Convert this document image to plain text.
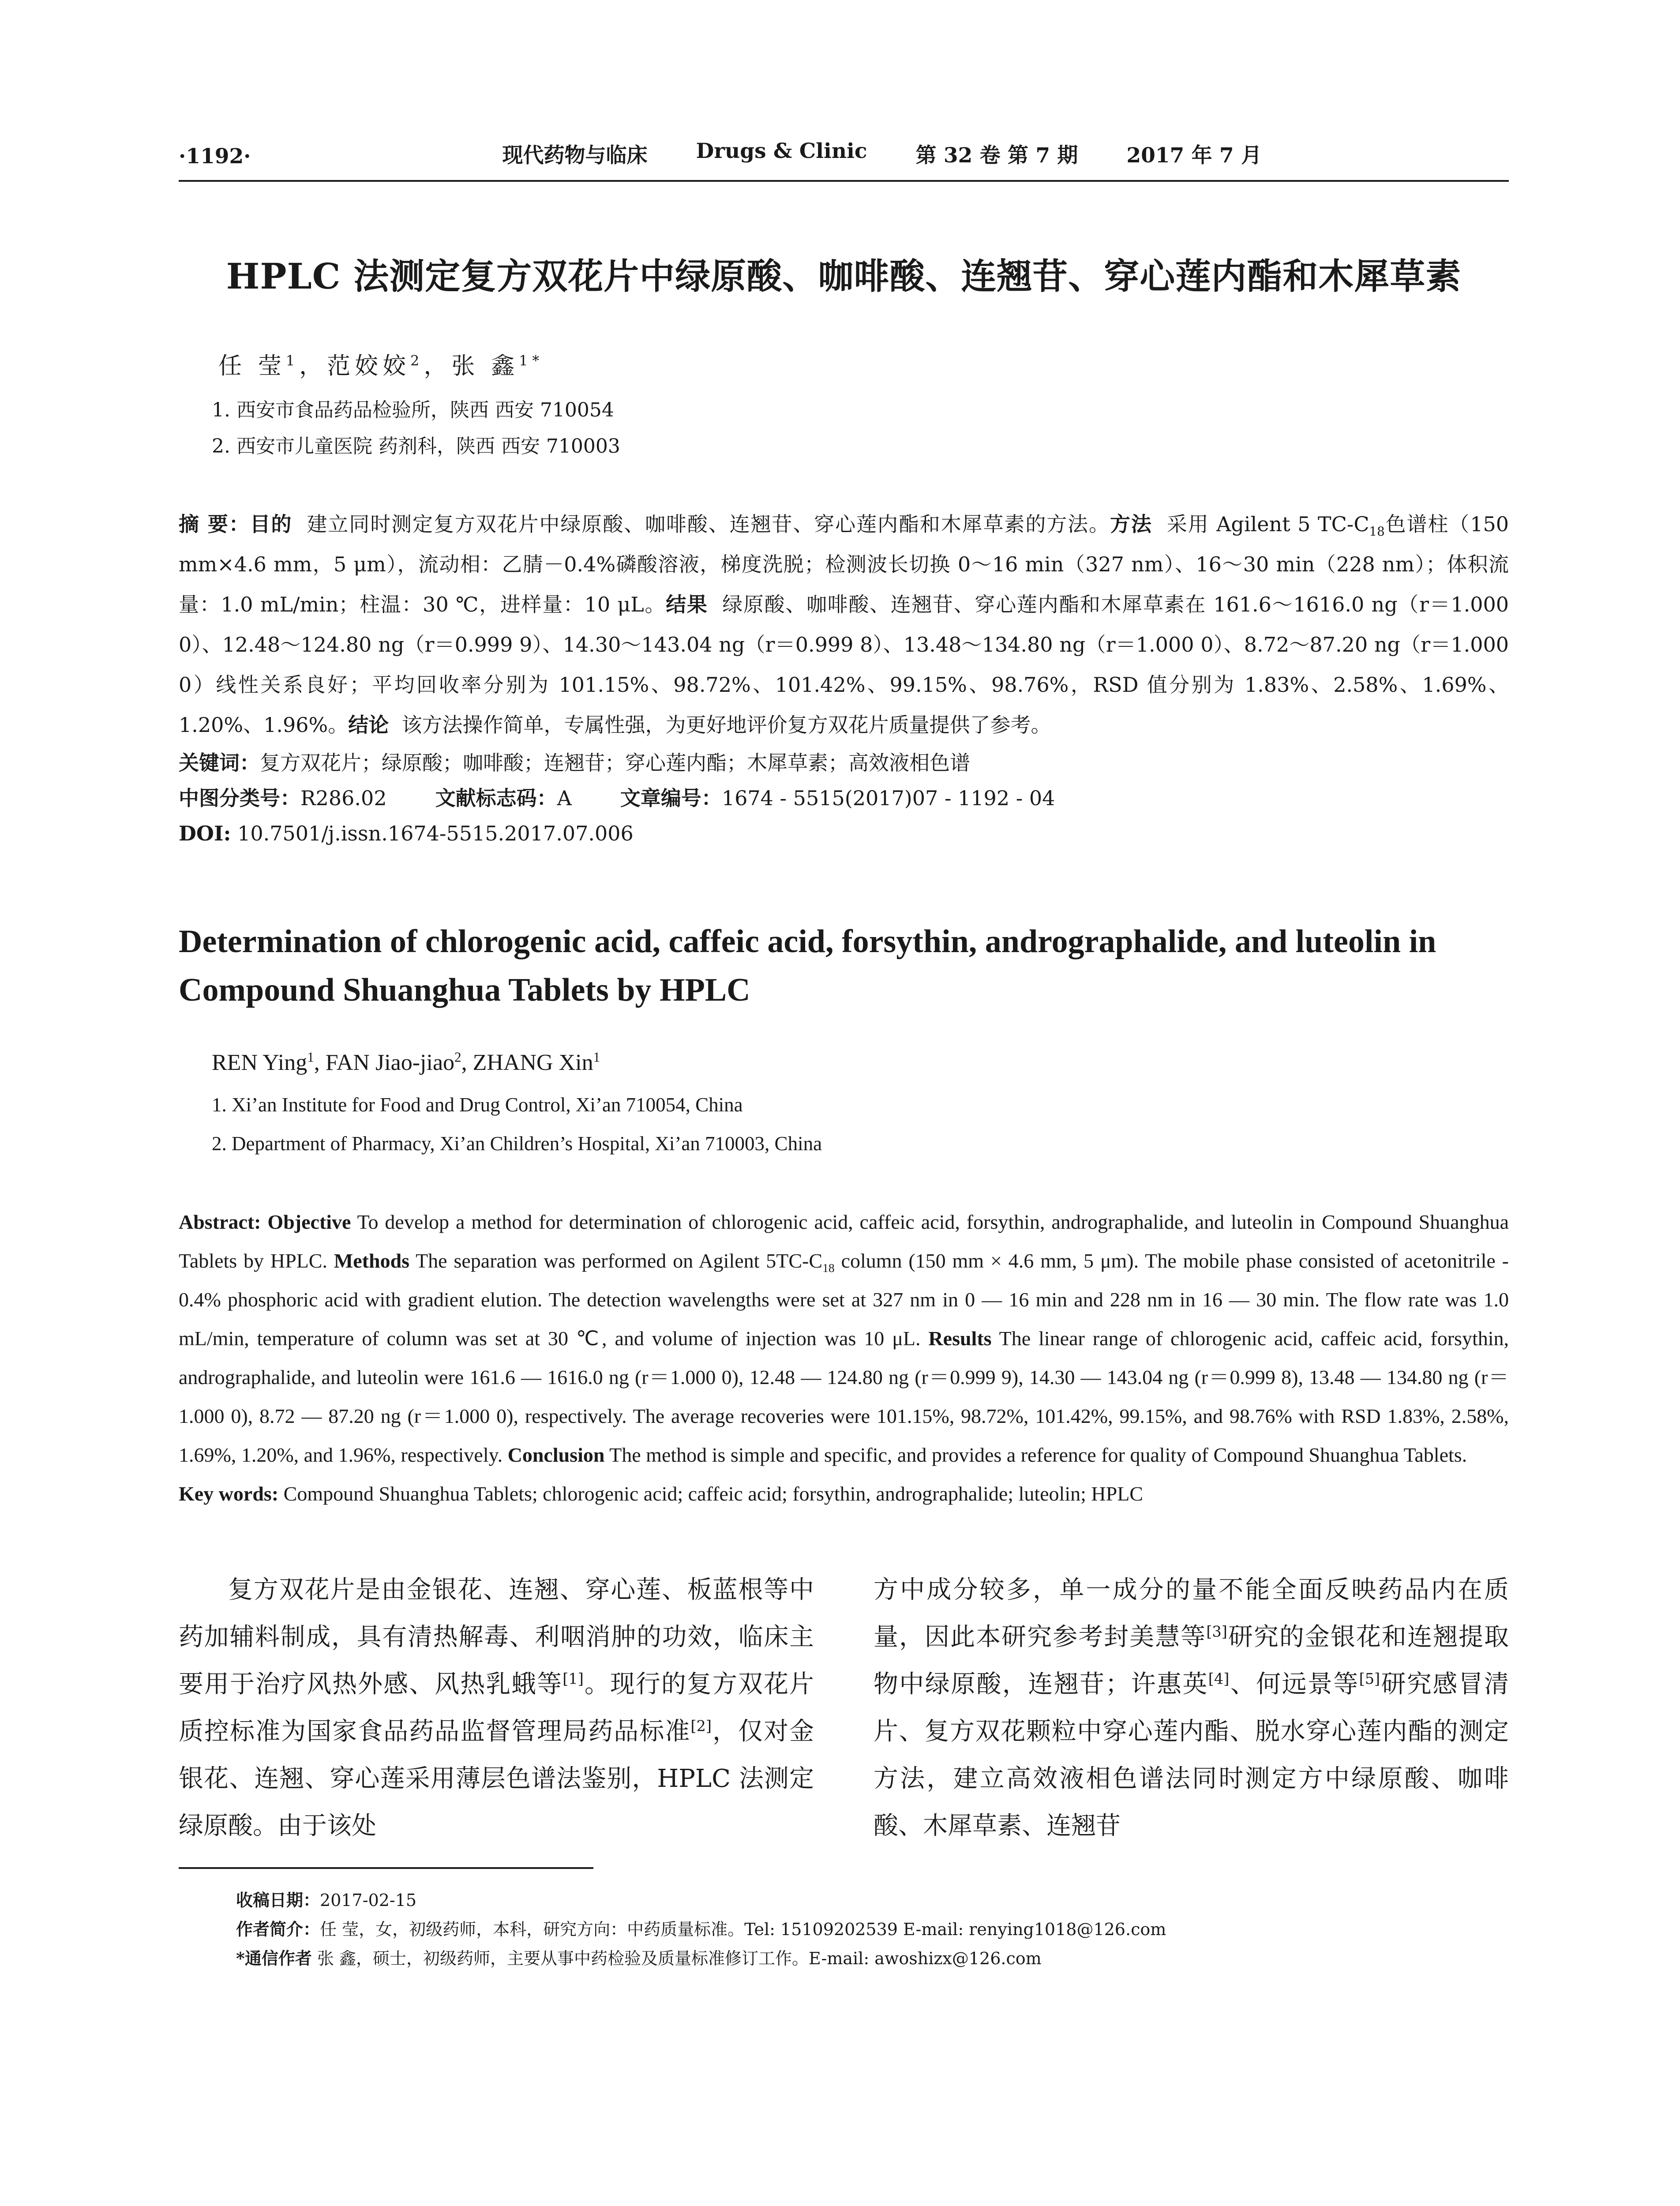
·1192·	现代药物与临床 Drugs & Clinic 第 32 卷 第 7 期 2017 年 7 月
HPLC 法测定复方双花片中绿原酸、咖啡酸、连翘苷、穿心莲内酯和木犀草素
任 莹$^1$，范姣姣$^2$，张 鑫$^{1*}$
1. 西安市食品药品检验所，陕西 西安 710054
2. 西安市儿童医院 药剂科，陕西 西安 710003
摘 要：目的 建立同时测定复方双花片中绿原酸、咖啡酸、连翘苷、穿心莲内酯和木犀草素的方法。方法 采用 Agilent 5 $TC-C_{18}$色谱柱（150 mm×4.6 mm，5 μm），流动相：乙腈－0.4%磷酸溶液，梯度洗脱；检测波长切换 0～16 min（327 nm）、16～30 min（228 nm）；体积流量：1.0 mL/min；柱温：30 ℃，进样量：10 μL。结果 绿原酸、咖啡酸、连翘苷、穿心莲内酯和木犀草素在 161.6～1616.0 ng（r＝1.000 0）、12.48～124.80 ng（r＝0.999 9）、14.30～143.04 ng（r＝0.999 8）、13.48～134.80 ng（r＝1.000 0）、8.72～87.20 ng（r＝1.000 0）线性关系良好；平均回收率分别为 101.15%、98.72%、101.42%、99.15%、98.76%，RSD 值分别为 1.83%、2.58%、1.69%、1.20%、1.96%。结论 该方法操作简单，专属性强，为更好地评价复方双花片质量提供了参考。
关键词：复方双花片；绿原酸；咖啡酸；连翘苷；穿心莲内酯；木犀草素；高效液相色谱
中图分类号：R286.02 文献标志码：A 文章编号：1674 - 5515(2017)07 - 1192 - 04
DOI: 10.7501/j.issn.1674-5515.2017.07.006
Determination of chlorogenic acid, caffeic acid, forsythin, andrographalide, and luteolin in Compound Shuanghua Tablets by HPLC
REN Ying$^1$, FAN Jiao-jiao$^2$, ZHANG Xin$^1$
1. Xi’an Institute for Food and Drug Control, Xi’an 710054, China
2. Department of Pharmacy, Xi’an Children’s Hospital, Xi’an 710003, China
Abstract: Objective To develop a method for determination of chlorogenic acid, caffeic acid, forsythin, andrographalide, and luteolin in Compound Shuanghua Tablets by HPLC. Methods The separation was performed on Agilent $5TC-C_{18}$ column (150 mm × 4.6 mm, 5 μm). The mobile phase consisted of acetonitrile - 0.4% phosphoric acid with gradient elution. The detection wavelengths were set at 327 nm in 0 — 16 min and 228 nm in 16 — 30 min. The flow rate was 1.0 mL/min, temperature of column was set at 30 ℃, and volume of injection was 10 μL. Results The linear range of chlorogenic acid, caffeic acid, forsythin, andrographalide, and luteolin were 161.6 — 1616.0 ng (r＝1.000 0), 12.48 — 124.80 ng (r＝0.999 9), 14.30 — 143.04 ng (r＝0.999 8), 13.48 — 134.80 ng (r＝1.000 0), 8.72 — 87.20 ng (r＝1.000 0), respectively. The average recoveries were 101.15%, 98.72%, 101.42%, 99.15%, and 98.76% with RSD 1.83%, 2.58%, 1.69%, 1.20%, and 1.96%, respectively. Conclusion The method is simple and specific, and provides a reference for quality of Compound Shuanghua Tablets.
Key words: Compound Shuanghua Tablets; chlorogenic acid; caffeic acid; forsythin, andrographalide; luteolin; HPLC
复方双花片是由金银花、连翘、穿心莲、板蓝根等中药加辅料制成，具有清热解毒、利咽消肿的功效，临床主要用于治疗风热外感、风热乳蛾等[1]。现行的复方双花片质控标准为国家食品药品监督管理局药品标准[2]，仅对金银花、连翘、穿心莲采用薄层色谱法鉴别，HPLC 法测定绿原酸。由于该处
方中成分较多，单一成分的量不能全面反映药品内在质量，因此本研究参考封美慧等[3]研究的金银花和连翘提取物中绿原酸，连翘苷；许惠英[4]、何远景等[5]研究感冒清片、复方双花颗粒中穿心莲内酯、脱水穿心莲内酯的测定方法，建立高效液相色谱法同时测定方中绿原酸、咖啡酸、木犀草素、连翘苷
收稿日期：2017-02-15
作者简介：任 莹，女，初级药师，本科，研究方向：中药质量标准。Tel: 15109202539 E-mail: renying1018@126.com
*通信作者 张 鑫，硕士，初级药师，主要从事中药检验及质量标准修订工作。E-mail: awoshizx@126.com
